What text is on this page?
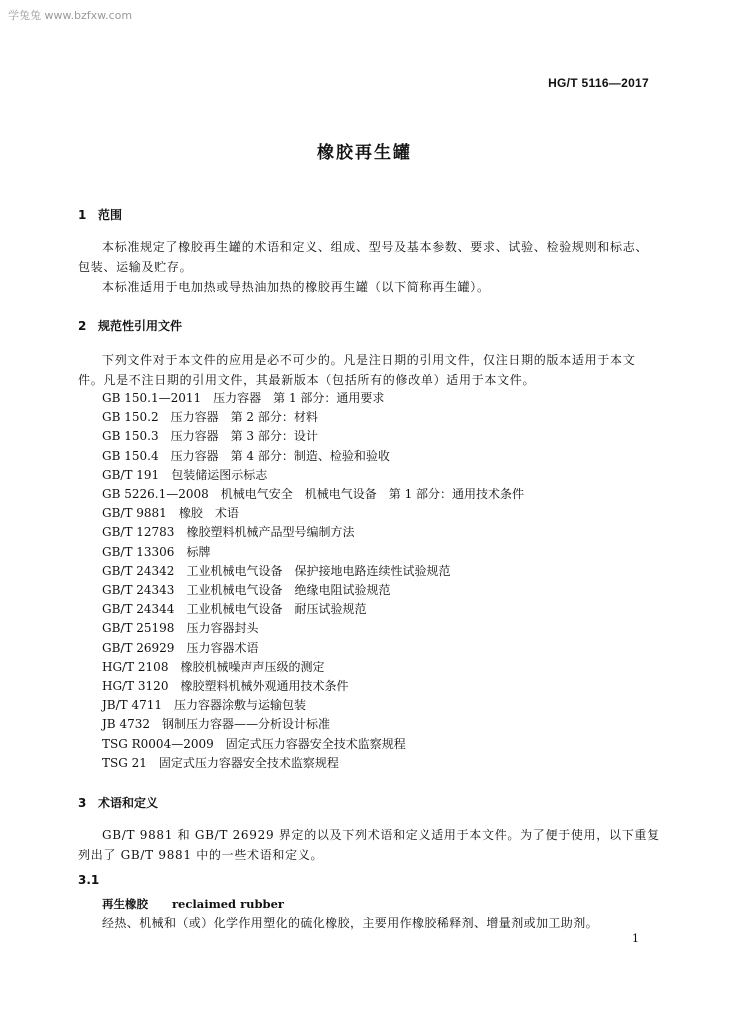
学兔兔 www.bzfxw.com
HG/T 5116—2017
橡胶再生罐
1 范围
本标准规定了橡胶再生罐的术语和定义、组成、型号及基本参数、要求、试验、检验规则和标志、包装、运输及贮存。
本标准适用于电加热或导热油加热的橡胶再生罐（以下简称再生罐）。
2 规范性引用文件
下列文件对于本文件的应用是必不可少的。凡是注日期的引用文件，仅注日期的版本适用于本文件。凡是不注日期的引用文件，其最新版本（包括所有的修改单）适用于本文件。
GB 150.1—2011　 压力容器　第 1 部分：通用要求
GB 150.2　 压力容器　第 2 部分：材料
GB 150.3　 压力容器　第 3 部分：设计
GB 150.4　 压力容器　第 4 部分：制造、检验和验收
GB/T 191　 包装储运图示标志
GB 5226.1—2008　 机械电气安全　机械电气设备　第 1 部分：通用技术条件
GB/T 9881　 橡胶　术语
GB/T 12783　 橡胶塑料机械产品型号编制方法
GB/T 13306　 标牌
GB/T 24342　 工业机械电气设备　保护接地电路连续性试验规范
GB/T 24343　 工业机械电气设备　绝缘电阻试验规范
GB/T 24344　 工业机械电气设备　耐压试验规范
GB/T 25198　 压力容器封头
GB/T 26929　 压力容器术语
HG/T 2108　 橡胶机械噪声声压级的测定
HG/T 3120　 橡胶塑料机械外观通用技术条件
JB/T 4711　 压力容器涂敷与运输包装
JB 4732　 钢制压力容器——分析设计标准
TSG R0004—2009　 固定式压力容器安全技术监察规程
TSG 21　 固定式压力容器安全技术监察规程
3 术语和定义
GB/T 9881 和 GB/T 26929 界定的以及下列术语和定义适用于本文件。为了便于使用，以下重复列出了 GB/T 9881 中的一些术语和定义。
3.1
再生橡胶 reclaimed rubber
经热、机械和（或）化学作用塑化的硫化橡胶，主要用作橡胶稀释剂、增量剂或加工助剂。
1
